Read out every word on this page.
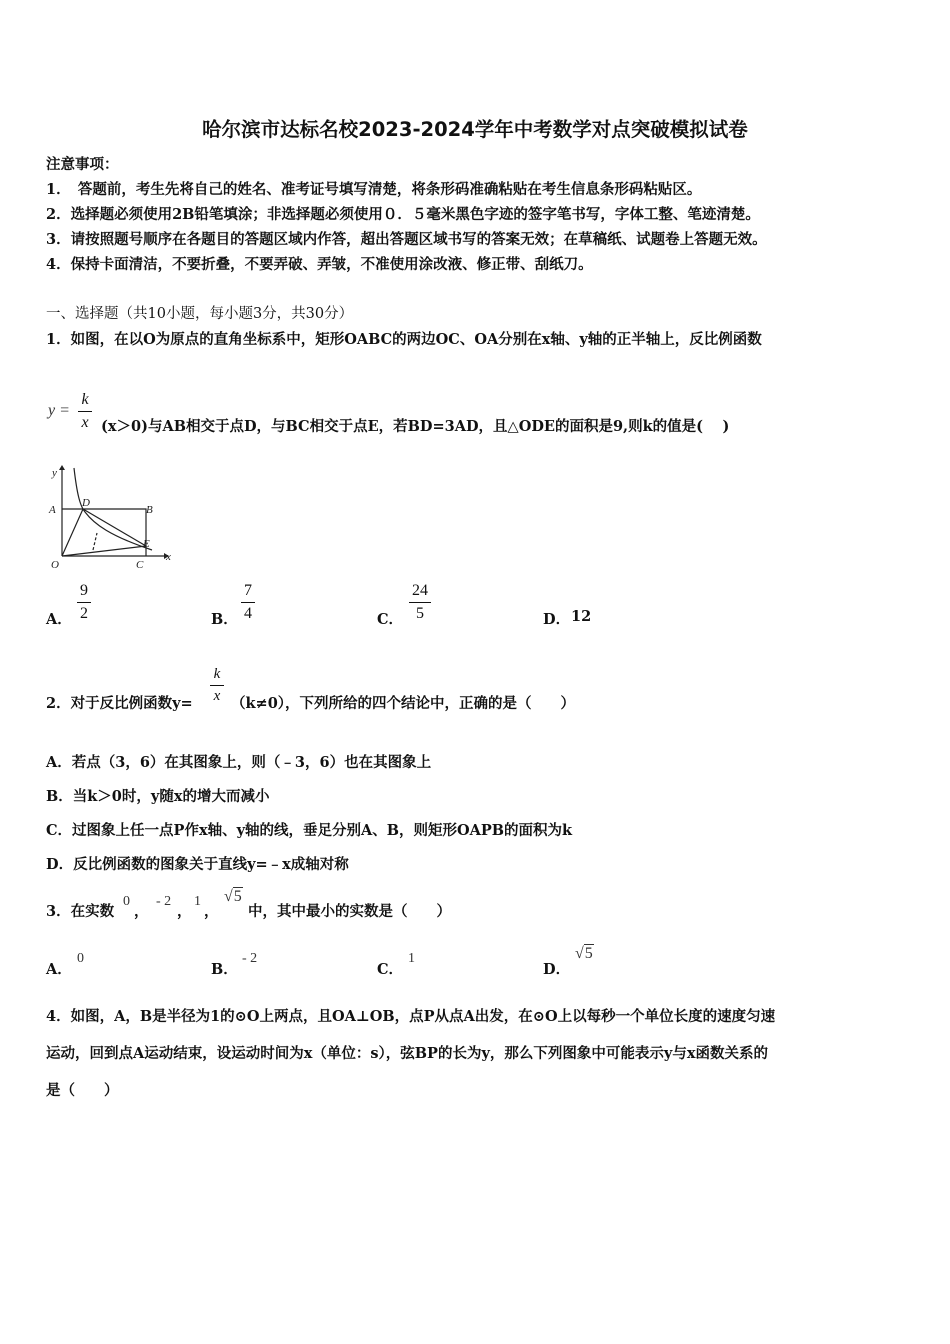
哈尔滨市达标名校2023-2024学年中考数学对点突破模拟试卷
注意事项：
1．　答题前，考生先将自己的姓名、准考证号填写清楚，将条形码准确粘贴在考生信息条形码粘贴区。
2．选择题必须使用2B铅笔填涂；非选择题必须使用０．５毫米黑色字迹的签字笔书写，字体工整、笔迹清楚。
3．请按照题号顺序在各题目的答题区域内作答，超出答题区域书写的答案无效；在草稿纸、试题卷上答题无效。
4．保持卡面清洁，不要折叠，不要弄破、弄皱，不准使用涂改液、修正带、刮纸刀。
一、选择题（共10小题，每小题3分，共30分）
1．如图，在以O为原点的直角坐标系中，矩形OABC的两边OC、OA分别在x轴、y轴的正半轴上，反比例函数
y =
k
x (x＞0)与AB相交于点D，与BC相交于点E，若BD=3AD，且△ODE的面积是9,则k的值是(　 )
y
x
D
A	B
E
O	C
A．
9
2	B．
7
4	C．
24
5	D． 12
2．对于反比例函数y=
k
x （k≠0），下列所给的四个结论中，正确的是（　　）
A．若点（3，6）在其图象上，则（﹣3，6）也在其图象上
B．当k＞0时，y随x的增大而减小
C．过图象上任一点P作x轴、y轴的线，垂足分别A、B，则矩形OAPB的面积为k
D．反比例函数的图象关于直线y=﹣x成轴对称
3．在实数
0
，
- 2
，
1
，
√5
中，其中最小的实数是（　　）
A．
0
B．
- 2
C．
1
D．
√5
4．如图，A，B是半径为1的⊙O上两点，且OA⊥OB，点P从点A出发，在⊙O上以每秒一个单位长度的速度匀速
运动，回到点A运动结束，设运动时间为x（单位：s），弦BP的长为y，那么下列图象中可能表示y与x函数关系的
是（　　）
